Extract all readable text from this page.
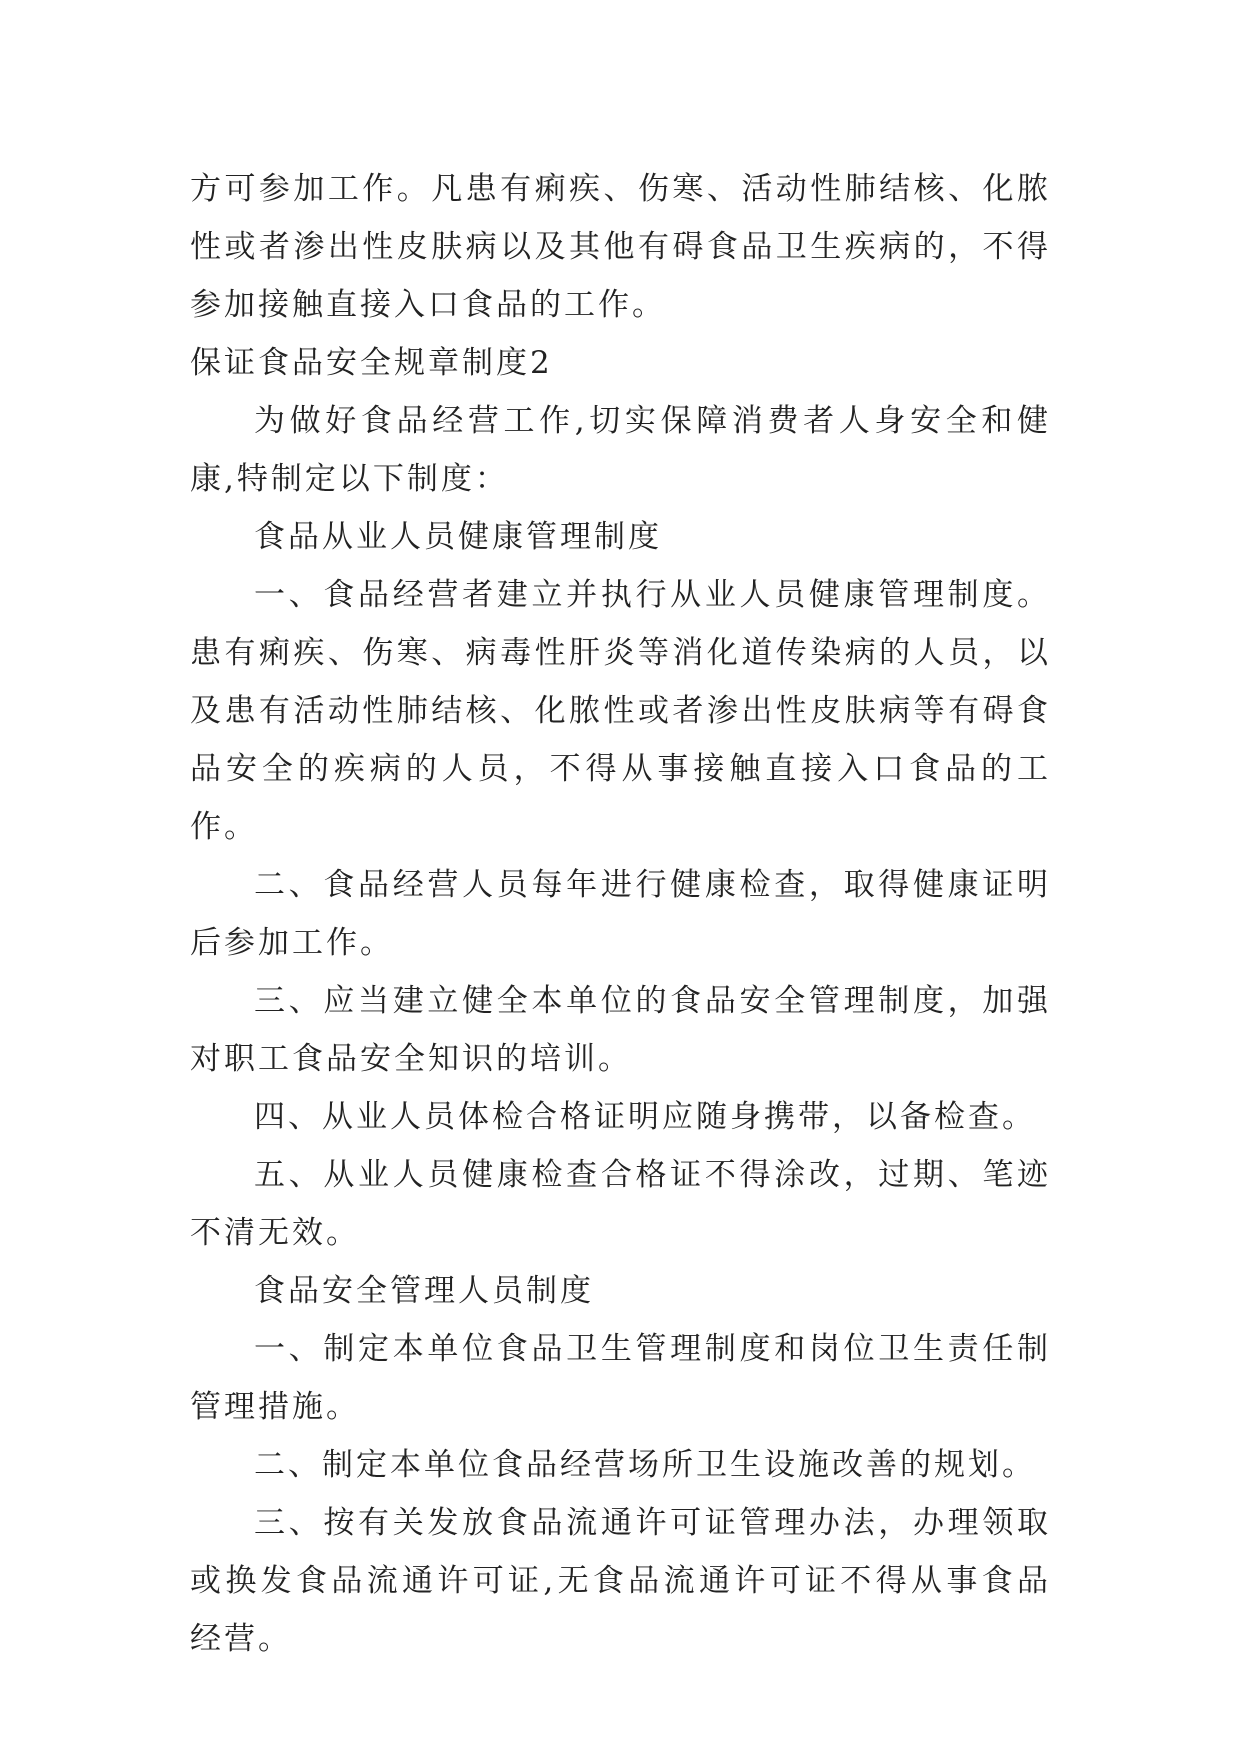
方可参加工作。凡患有痢疾、伤寒、活动性肺结核、化脓性或者渗出性皮肤病以及其他有碍食品卫生疾病的，不得参加接触直接入口食品的工作。

保证食品安全规章制度2

为做好食品经营工作,切实保障消费者人身安全和健康,特制定以下制度：

食品从业人员健康管理制度

一、食品经营者建立并执行从业人员健康管理制度。患有痢疾、伤寒、病毒性肝炎等消化道传染病的人员，以及患有活动性肺结核、化脓性或者渗出性皮肤病等有碍食品安全的疾病的人员，不得从事接触直接入口食品的工作。

二、食品经营人员每年进行健康检查，取得健康证明后参加工作。

三、应当建立健全本单位的食品安全管理制度，加强对职工食品安全知识的培训。

四、从业人员体检合格证明应随身携带，以备检查。

五、从业人员健康检查合格证不得涂改，过期、笔迹不清无效。

食品安全管理人员制度

一、制定本单位食品卫生管理制度和岗位卫生责任制管理措施。

二、制定本单位食品经营场所卫生设施改善的规划。

三、按有关发放食品流通许可证管理办法，办理领取或换发食品流通许可证,无食品流通许可证不得从事食品经营。
